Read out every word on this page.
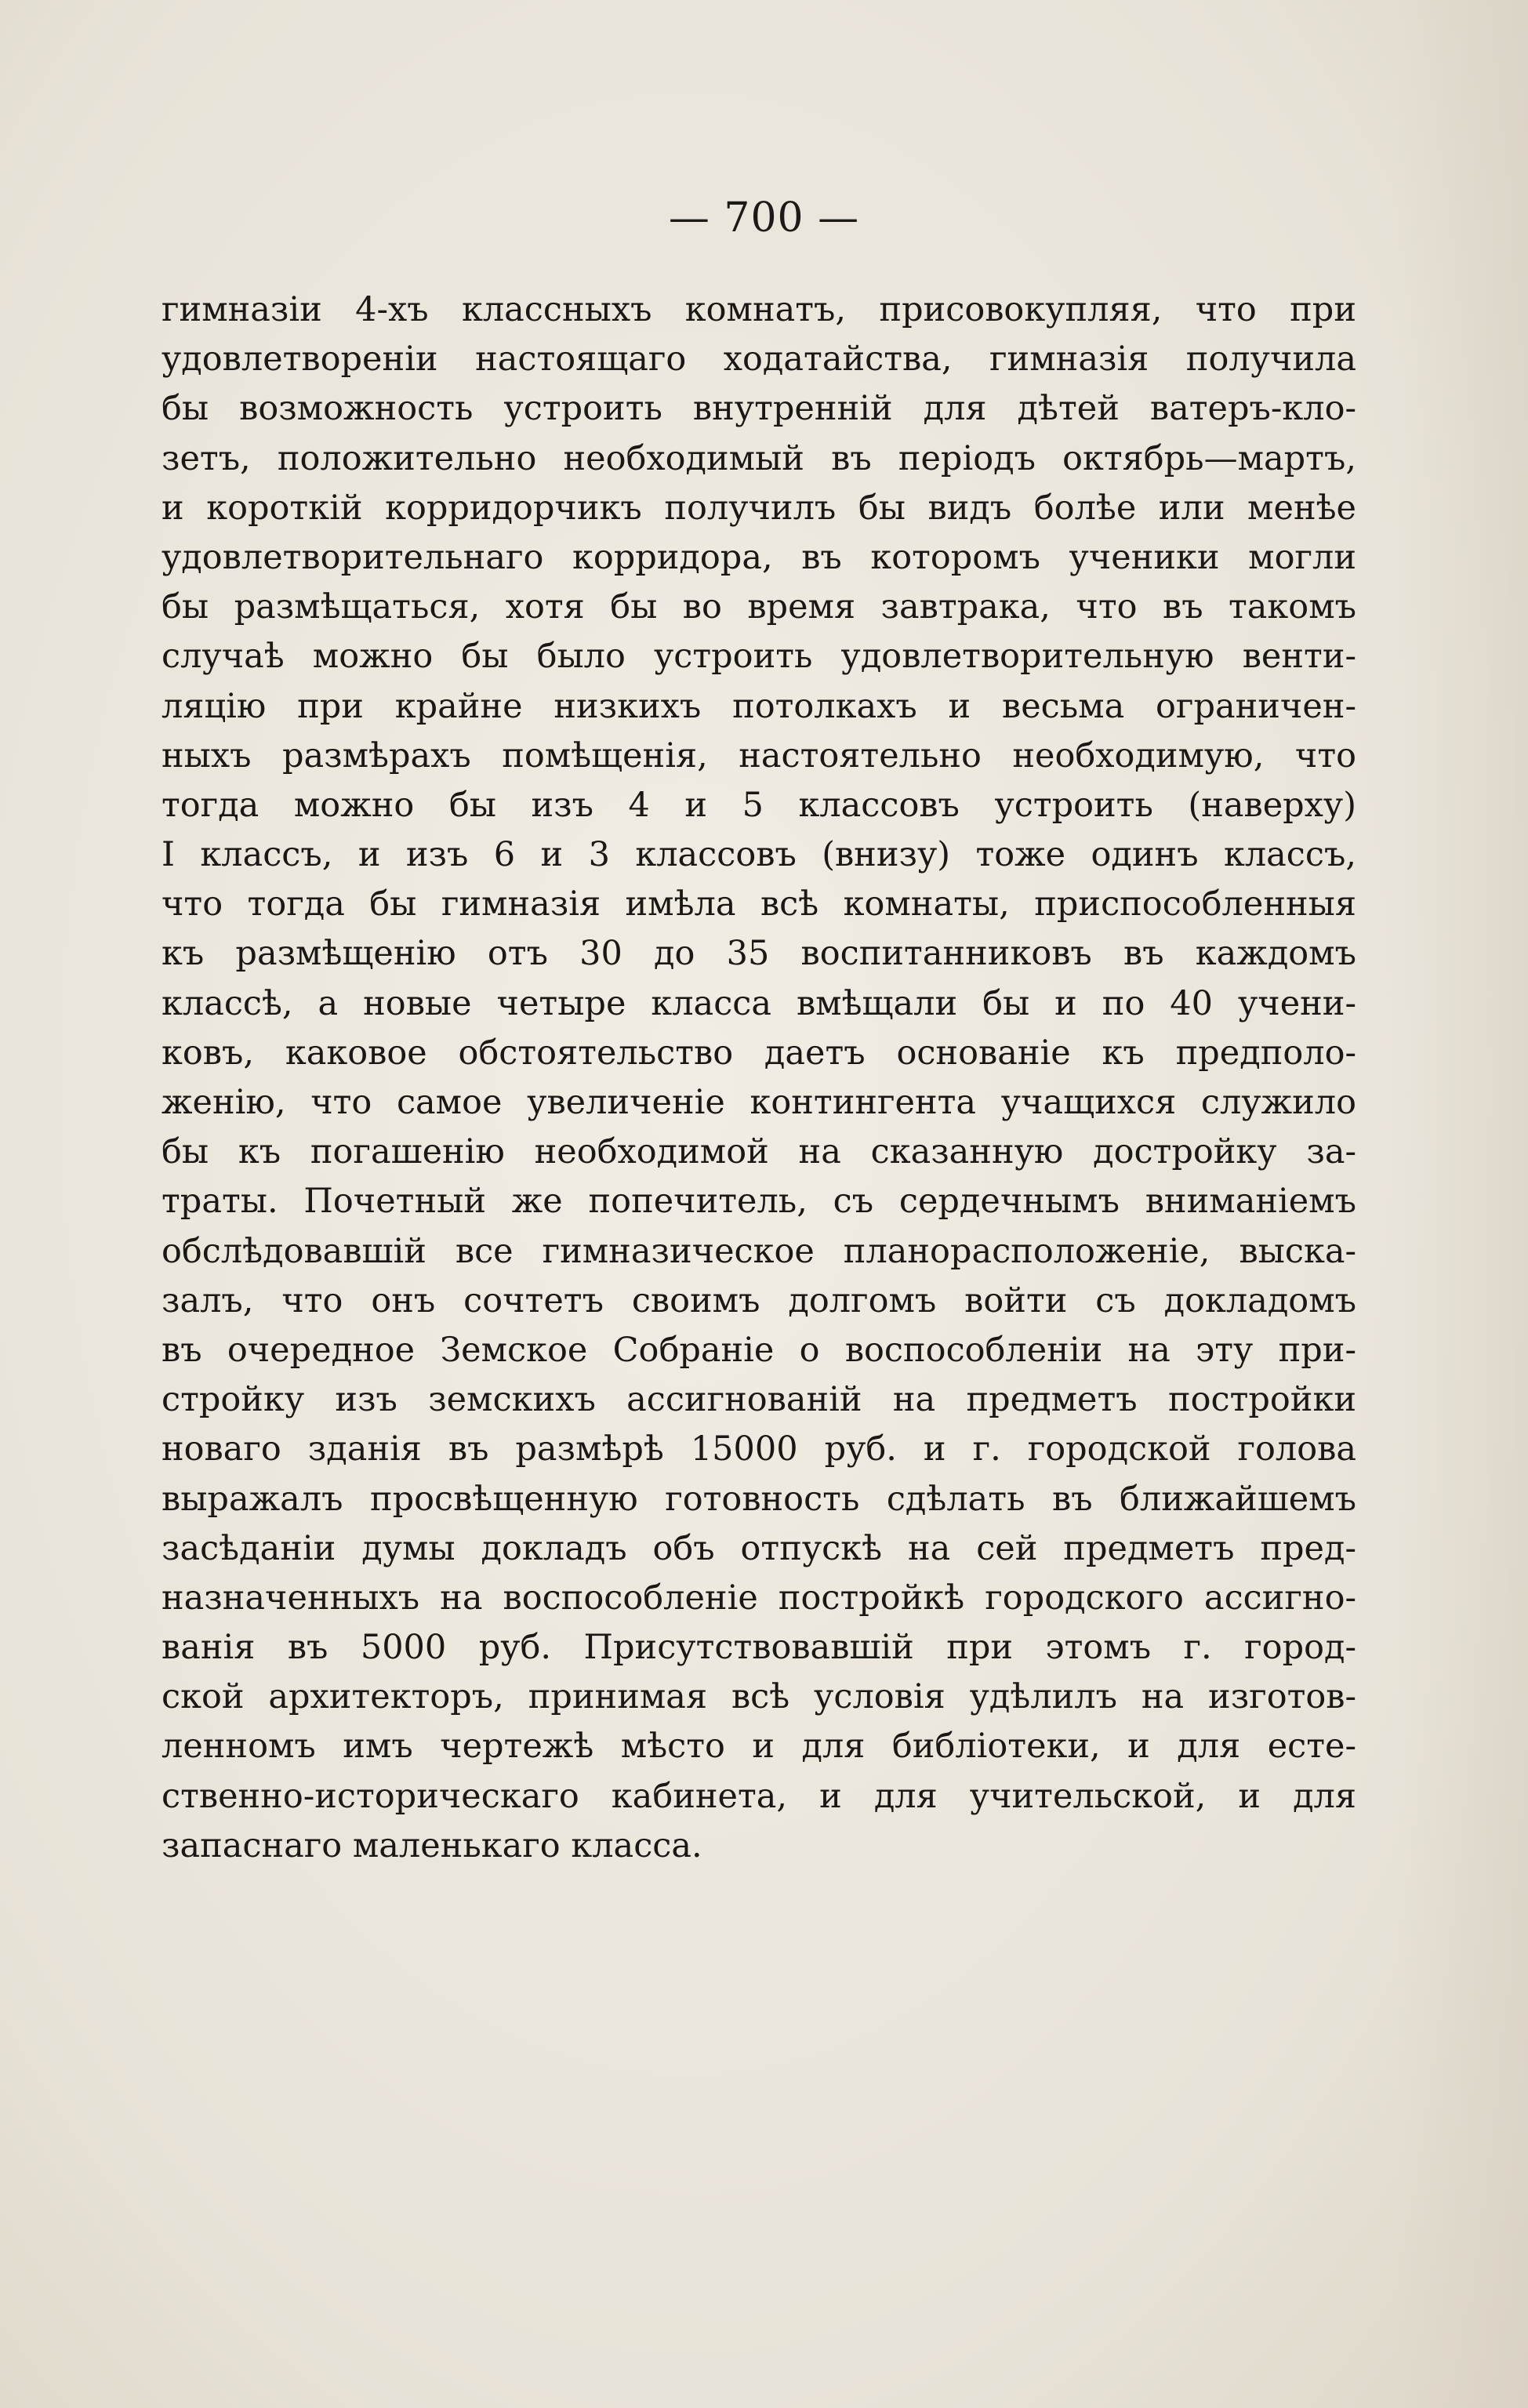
— 700 —
гимназіи 4-хъ классныхъ комнатъ, присовокупляя, что при
удовлетвореніи настоящаго ходатайства, гимназія получила
бы возможность устроить внутренній для дѣтей ватеръ-кло-
зетъ, положительно необходимый въ періодъ октябрь—мартъ,
и короткій корридорчикъ получилъ бы видъ болѣе или менѣе
удовлетворительнаго корридора, въ которомъ ученики могли
бы размѣщаться, хотя бы во время завтрака, что въ такомъ
случаѣ можно бы было устроить удовлетворительную венти-
ляцію при крайне низкихъ потолкахъ и весьма ограничен-
ныхъ размѣрахъ помѣщенія, настоятельно необходимую, что
тогда можно бы изъ 4 и 5 классовъ устроить (наверху)
I классъ, и изъ 6 и 3 классовъ (внизу) тоже одинъ классъ,
что тогда бы гимназія имѣла всѣ комнаты, приспособленныя
къ размѣщенію отъ 30 до 35 воспитанниковъ въ каждомъ
классѣ, а новые четыре класса вмѣщали бы и по 40 учени-
ковъ, каковое обстоятельство даетъ основаніе къ предполо-
женію, что самое увеличеніе контингента учащихся служило
бы къ погашенію необходимой на сказанную достройку за-
траты. Почетный же попечитель, съ сердечнымъ вниманіемъ
обслѣдовавшій все гимназическое планорасположеніе, выска-
залъ, что онъ сочтетъ своимъ долгомъ войти съ докладомъ
въ очередное Земское Собраніе о воспособленіи на эту при-
стройку изъ земскихъ ассигнованій на предметъ постройки
новаго зданія въ размѣрѣ 15000 руб. и г. городской голова
выражалъ просвѣщенную готовность сдѣлать въ ближайшемъ
засѣданіи думы докладъ объ отпускѣ на сей предметъ пред-
назначенныхъ на воспособленіе постройкѣ городского ассигно-
ванія въ 5000 руб. Присутствовавшій при этомъ г. город-
ской архитекторъ, принимая всѣ условія удѣлилъ на изготов-
ленномъ имъ чертежѣ мѣсто и для библіотеки, и для есте-
ственно-историческаго кабинета, и для учительской, и для
запаснаго маленькаго класса.
